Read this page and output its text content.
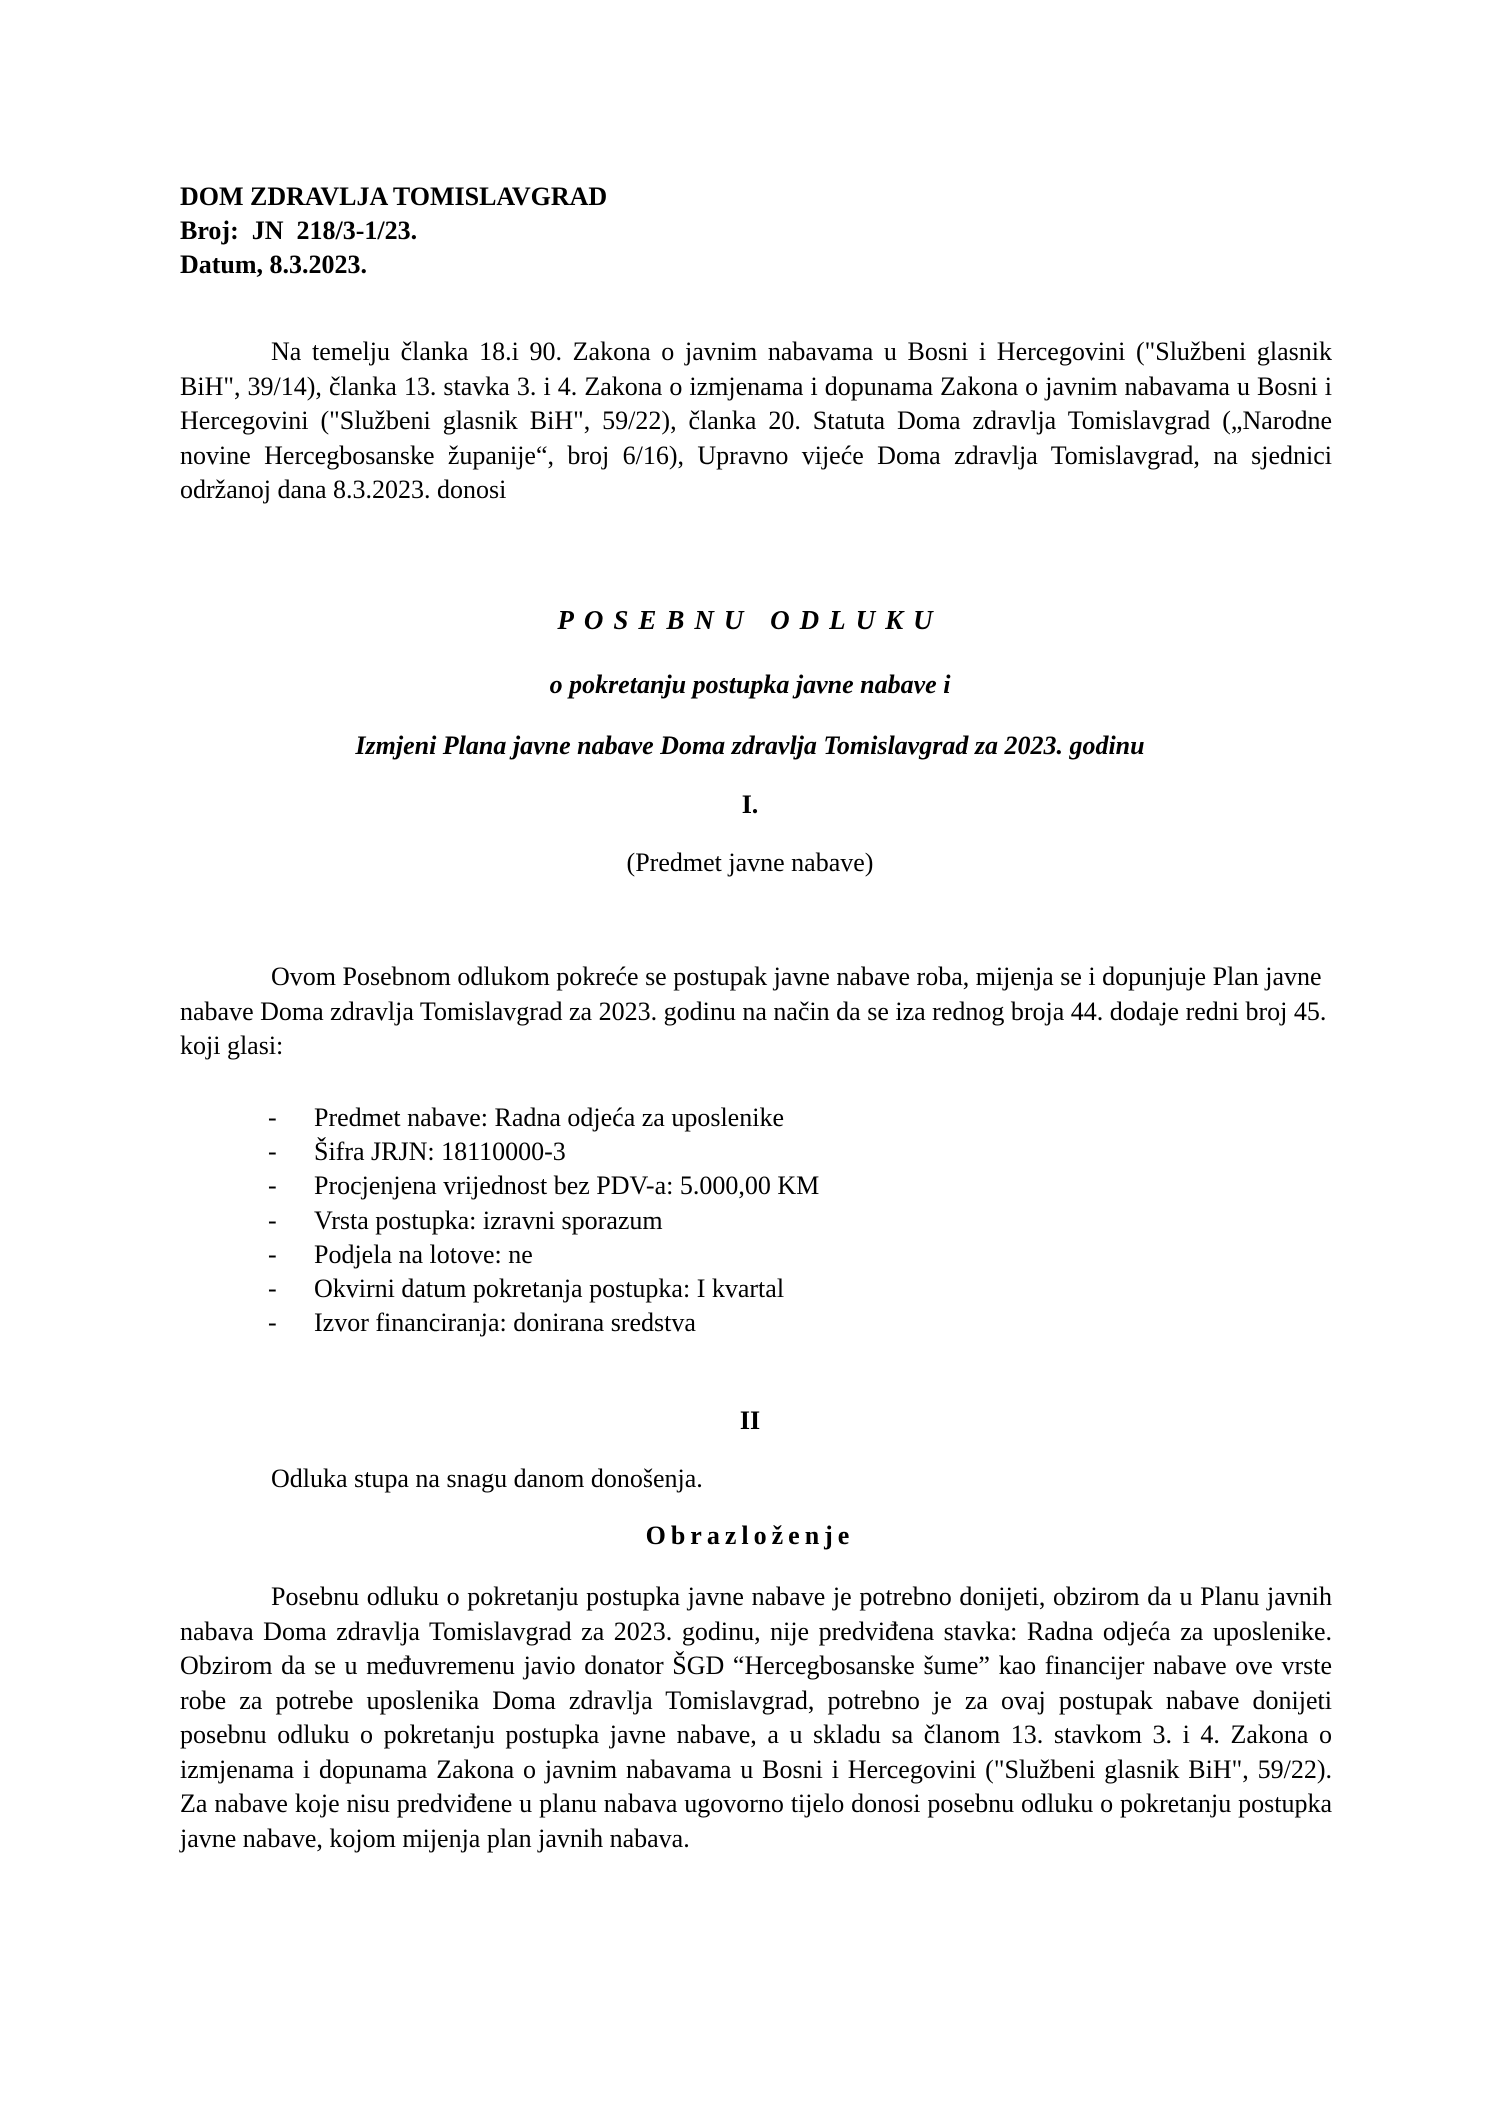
DOM ZDRAVLJA TOMISLAVGRAD
Broj:  JN  218/3-1/23.
Datum, 8.3.2023.

Na temelju članka 18.i 90. Zakona o javnim nabavama u Bosni i Hercegovini ("Službeni glasnik BiH", 39/14), članka 13. stavka 3. i 4. Zakona o izmjenama i dopunama Zakona o javnim nabavama u Bosni i Hercegovini ("Službeni glasnik BiH", 59/22), članka 20. Statuta Doma zdravlja Tomislavgrad („Narodne novine Hercegbosanske županije“, broj 6/16), Upravno vijeće Doma zdravlja Tomislavgrad, na sjednici održanoj dana 8.3.2023. donosi

POSEBNU ODLUKU
o pokretanju postupka javne nabave i
Izmjeni Plana javne nabave Doma zdravlja Tomislavgrad za 2023. godinu
I.
(Predmet javne nabave)

Ovom Posebnom odlukom pokreće se postupak javne nabave roba, mijenja se i dopunjuje Plan javne nabave Doma zdravlja Tomislavgrad za 2023. godinu na način da se iza rednog broja 44. dodaje redni broj 45. koji glasi:

- Predmet nabave: Radna odjeća za uposlenike
- Šifra JRJN: 18110000-3
- Procjenjena vrijednost bez PDV-a: 5.000,00 KM
- Vrsta postupka: izravni sporazum
- Podjela na lotove: ne
- Okvirni datum pokretanja postupka: I kvartal
- Izvor financiranja: donirana sredstva
II
Odluka stupa na snagu danom donošenja.
Obrazloženje

Posebnu odluku o pokretanju postupka javne nabave je potrebno donijeti, obzirom da u Planu javnih nabava Doma zdravlja Tomislavgrad za 2023. godinu, nije predviđena stavka: Radna odjeća za uposlenike. Obzirom da se u međuvremenu javio donator ŠGD “Hercegbosanske šume” kao financijer nabave ove vrste robe za potrebe uposlenika Doma zdravlja Tomislavgrad, potrebno je za ovaj postupak nabave donijeti posebnu odluku o pokretanju postupka javne nabave, a u skladu sa članom 13. stavkom 3. i 4. Zakona o izmjenama i dopunama Zakona o javnim nabavama u Bosni i Hercegovini ("Službeni glasnik BiH", 59/22). Za nabave koje nisu predviđene u planu nabava ugovorno tijelo donosi posebnu odluku o pokretanju postupka javne nabave, kojom mijenja plan javnih nabava.
